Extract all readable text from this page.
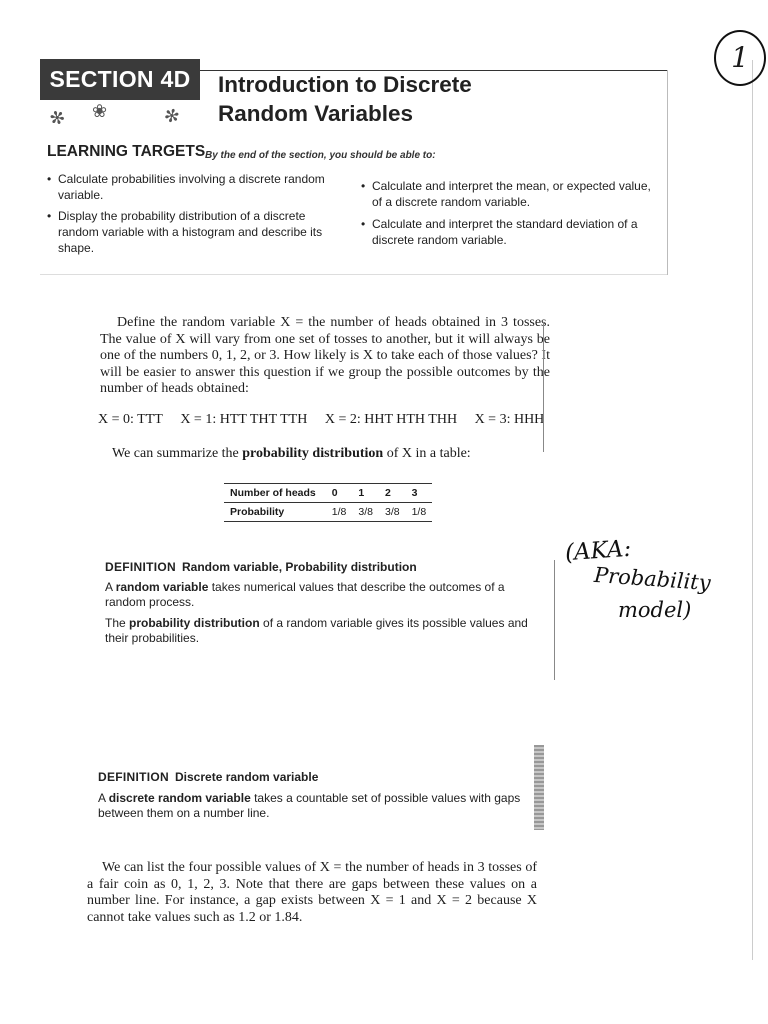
SECTION 4D
✻ ❀	✻
Introduction to Discrete
Random Variables
LEARNING TARGETS By the end of the section, you should be able to:
• Calculate probabilities involving a discrete random variable.
• Display the probability distribution of a discrete random variable with a histogram and describe its shape.
• Calculate and interpret the mean, or expected value, of a discrete random variable.
• Calculate and interpret the standard deviation of a discrete random variable.
Define the random variable X = the number of heads obtained in 3 tosses. The value of X will vary from one set of tosses to another, but it will always be one of the numbers 0, 1, 2, or 3. How likely is X to take each of those values? It will be easier to answer this question if we group the possible outcomes by the number of heads obtained:
X = 0: TTT X = 1: HTT THT TTH X = 2: HHT HTH THH X = 3: HHH
We can summarize the probability distribution of X in a table:
Number of heads	0	1	2	3
Probability	1/8	3/8	3/8	1/8
DEFINITION Random variable, Probability distribution
A random variable takes numerical values that describe the outcomes of a random process.
The probability distribution of a random variable gives its possible values and their probabilities.
DEFINITION Discrete random variable
A discrete random variable takes a countable set of possible values with gaps between them on a number line.
We can list the four possible values of X = the number of heads in 3 tosses of a fair coin as 0, 1, 2, 3. Note that there are gaps between these values on a number line. For instance, a gap exists between X = 1 and X = 2 because X cannot take values such as 1.2 or 1.84.
1
(AKA:
Probability
model)
